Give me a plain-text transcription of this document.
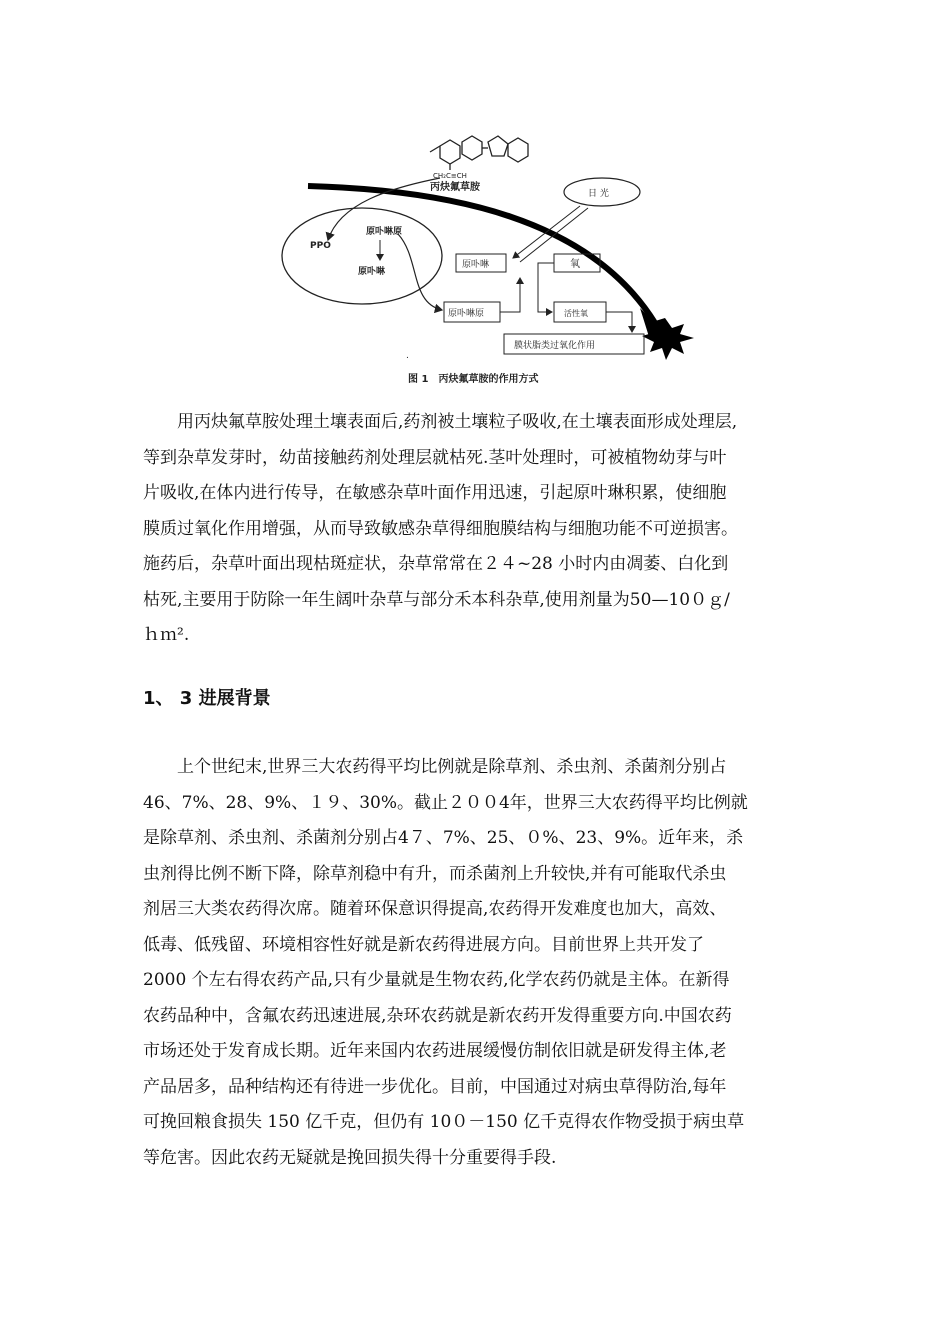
CH₂C≡CH
丙炔氟草胺
PPO
原卟啉原
原卟啉
日 光
原卟啉	氧
原卟啉原	活性氧
膜状脂类过氧化作用
.
图 1　丙炔氟草胺的作用方式

用丙炔氟草胺处理土壤表面后,药剂被土壤粒子吸收,在土壤表面形成处理层,
等到杂草发芽时，幼苗接触药剂处理层就枯死.茎叶处理时，可被植物幼芽与叶
片吸收,在体内进行传导，在敏感杂草叶面作用迅速，引起原叶琳积累，使细胞
膜质过氧化作用增强，从而导致敏感杂草得细胞膜结构与细胞功能不可逆损害。
施药后，杂草叶面出现枯斑症状，杂草常常在２４~28 小时内由凋萎、白化到
枯死,主要用于防除一年生阔叶杂草与部分禾本科杂草,使用剂量为50—10０ｇ/
ｈｍ².

1、 3 进展背景

上个世纪末,世界三大农药得平均比例就是除草剂、杀虫剂、杀菌剂分别占
46、7%、28、9%、１９、30%。截止２００4年，世界三大农药得平均比例就
是除草剂、杀虫剂、杀菌剂分别占4７、7%、25、０%、23、9%。近年来，杀
虫剂得比例不断下降，除草剂稳中有升，而杀菌剂上升较快,并有可能取代杀虫
剂居三大类农药得次席。随着环保意识得提高,农药得开发难度也加大，高效、
低毒、低残留、环境相容性好就是新农药得进展方向。目前世界上共开发了
2000 个左右得农药产品,只有少量就是生物农药,化学农药仍就是主体。在新得
农药品种中，含氟农药迅速进展,杂环农药就是新农药开发得重要方向.中国农药
市场还处于发育成长期。近年来国内农药进展缓慢仿制依旧就是研发得主体,老
产品居多，品种结构还有待进一步优化。目前，中国通过对病虫草得防治,每年
可挽回粮食损失 150 亿千克，但仍有 10０－150 亿千克得农作物受损于病虫草
等危害。因此农药无疑就是挽回损失得十分重要得手段.
